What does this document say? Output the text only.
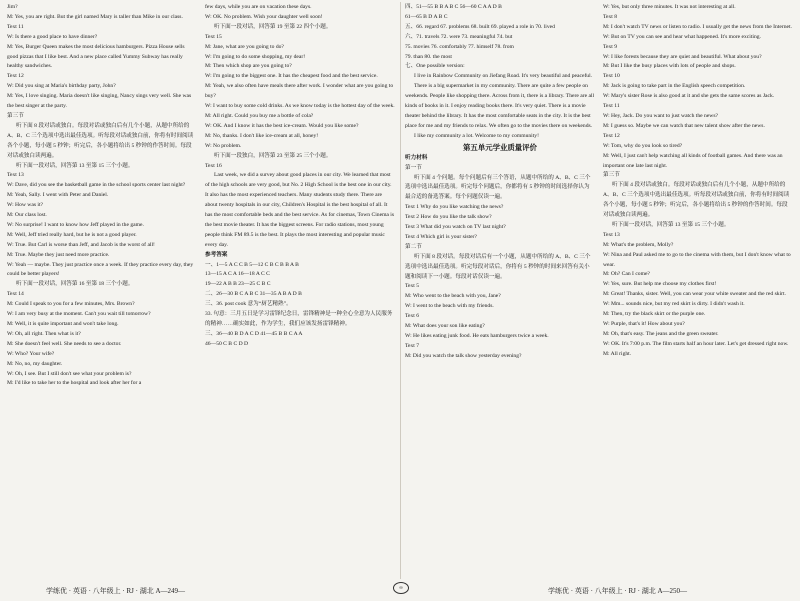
Jim?

M: Yes, you are right. But the girl named Mary is taller than Mike in our class.

Text 11

W: Is there a good place to have dinner?

M: Yes, Burger Queen makes the most delicious hamburgers. Pizza House sells good pizzas that I like best. And a new place called Yummy Subway has really healthy sandwiches.

Text 12

W: Did you sing at Maria's birthday party, John?

M: Yes, I love singing. Maria doesn't like singing, Nancy sings very well. She was the best singer at the party.

第三节

听下面 8 段对话或独白。每段对话或独白后有几个小题，从题中所给的 A、B、C 三个选项中选出最佳选项。听每段对话或独白前，你将有时间阅读各个小题，每小题 5 秒钟；听完后，各小题将给出 5 秒钟的作答时间。每段对话或独白读两遍。

听下面一段对话，回答第 13 至第 15 三个小题。

Text 13

W: Dave, did you see the basketball game in the school sports center last night?

M: Yeah, Sally. I went with Peter and Daniel.

W: How was it?

M: Our class lost.

W: No surprise! I want to know how Jeff played in the game.

M: Well, Jeff tried really hard, but he is not a good player.

W: True. But Carl is worse than Jeff, and Jacob is the worst of all!

M: True. Maybe they just need more practice.

W: Yeah — maybe. They just practice once a week. If they practice every day, they could be better players!

听下面一段对话，回答第 16 至第 18 三个小题。

Text 14

M: Could I speak to you for a few minutes, Mrs. Brown?

W: I am very busy at the moment. Can't you wait till tomorrow?

M: Well, it is quite important and won't take long.

W: Oh, all right. Then what is it?

M: She doesn't feel well. She needs to see a doctor.

W: Who? Your wife?

M: No, no, my daughter.

W: Oh, I see. But I still don't see what your problem is?

M: I'd like to take her to the hospital and look after her for a

few days, while you are on vacation these days.

W: OK. No problem. Wish your daughter well soon!

听下面一段对话，回答第 19 至第 22 四个小题。

Text 15

M: Jane, what are you going to do?

W: I'm going to do some shopping, my dear!

M: Then which shop are you going to?

W: I'm going to the biggest one. It has the cheapest food and the best service.

M: Yeah, we also often have meals there after work. I wonder what are you going to buy?

W: I want to buy some cold drinks. As we know today is the hottest day of the week.

M: All right. Could you buy me a bottle of cola?

W: OK. And I know it has the best ice-cream. Would you like some?

M: No, thanks. I don't like ice-cream at all, honey!

W: No problem.

听下面一段独白，回答第 23 至第 25 三个小题。

Text 16

Last week, we did a survey about good places in our city. We learned that most of the high schools are very good, but No. 2 High School is the best one in our city. It also has the most experienced teachers. Many students study there. There are about twenty hospitals in our city, Children's Hospital is the best hospital of all. It has the most comfortable beds and the best service. As for cinemas, Town Cinema is the best movie theater. It has the biggest screens. For radio stations, most young people think FM 89.5 is the best. It plays the most interesting and popular music every day.

参考答案

一、1—5 A C C B 5—12 C B C B B A B

13—15 A C A 16—18 A C C

19—22 A B B 23—25 C B C

二、26—30 B C A B C 31—35 A B A D B

三、36. post cook 意为“厨艺精熟”。

33. 句意：三月五日是学习雷锋纪念日，雷锋精神是一种全心全意为人民服务的精神……确实如此，作为学生，我们应该发扬雷锋精神。

三、36—40 B D A C D 41—45 B B C A A

46—50 C B C D D

四、51—55 B B A B C 56—60 C A A D B

61—65 B D A B C

五、66. regard 67. problems 68. built 69. played a role in 70. lived

六、71. travels 72. were 73. meaningful 74. but

75. movies 76. comfortably 77. himself 78. from

79. than 80. the most

七、One possible version:

I live in Rainbow Community on Jiefang Road. It's very beautiful and peaceful.

There is a big supermarket in my community. There are quite a few people on weekends. People like shopping there. Across from it, there is a library. There are all kinds of books in it. I enjoy reading books there. It's very quiet. There is a movie theater behind the library. It has the most comfortable seats in the city. It is the best place for me and my friends to relax. We often go to the movies there on weekends.

I like my community a lot. Welcome to my community!

第五单元学业质量评价

听力材料

第一节

听下面 4 个问题。每个问题后有三个答语，从题中所给的 A、B、C 三个选项中选出最佳选项。听完每个问题后，你都将有 5 秒钟的时间选择你认为最合适的备选答案。每个问题仅读一遍。

Text 1 Why do you like watching the news?

Text 2 How do you like the talk show?

Text 3 What did you watch on TV last night?

Text 4 Which girl is your sister?

第二节

听下面 8 段对话。每段对话后有一个小题，从题中所给的 A、B、C 三个选项中选出最佳选项。听完每段对话后，你将有 5 秒钟的时间来回答有关小题和阅读下一小题。每段对话仅读一遍。

Text 5

M: Who went to the beach with you, Jane?

W: I went to the beach with my friends.

Text 6

M: What does your son like eating?

W: He likes eating junk food. He eats hamburgers twice a week.

Text 7

M: Did you watch the talk show yesterday evening?

W: Yes, but only three minutes. It was not interesting at all.

Text 8

M: I don't watch TV news or listen to radio. I usually get the news from the Internet.

W: But on TV you can see and hear what happened. It's more exciting.

Text 9

W: I like forests because they are quiet and beautiful. What about you?

M: But I like the busy places with lots of people and shops.

Text 10

M: Jack is going to take part in the English speech competition.

W: Mary's sister Rose is also good at it and she gets the same scores as Jack.

Text 11

W: Hey, Jack. Do you want to just watch the news?

M: I guess so. Maybe we can watch that new talent show after the news.

Text 12

W: Tom, why do you look so tired?

M: Well, I just can't help watching all kinds of football games. And there was an important one late last night.

第三节

听下面 4 段对话或独白。每段对话或独白后有几个小题，从题中所给的 A、B、C 三个选项中选出最佳选项。听每段对话或独白前，你将有时间阅读各个小题，每小题 5 秒钟；听完后，各小题将给出 5 秒钟的作答时间。每段对话或独白读两遍。

听下面一段对话，回答第 13 至第 15 三个小题。

Text 13

M: What's the problem, Molly?

W: Nina and Paul asked me to go to the cinema with them, but I don't know what to wear.

M: Oh? Can I come?

W: Yes, sure. But help me choose my clothes first!

M: Great! Thanks, sister. Well, you can wear your white sweater and the red skirt.

W: Mm... sounds nice, but my red skirt is dirty. I didn't wash it.

M: Then, try the black skirt or the purple one.

W: Purple, that's it! How about you?

M: Oh, that's easy. The jeans and the green sweater.

W: OK. It's 7:00 p.m. The film starts half an hour later. Let's get dressed right now.

M: All right.

学练优 · 英语 · 八年级上 · RJ · 湖北 A—249—	∞	学练优 · 英语 · 八年级上 · RJ · 湖北 A—250—
